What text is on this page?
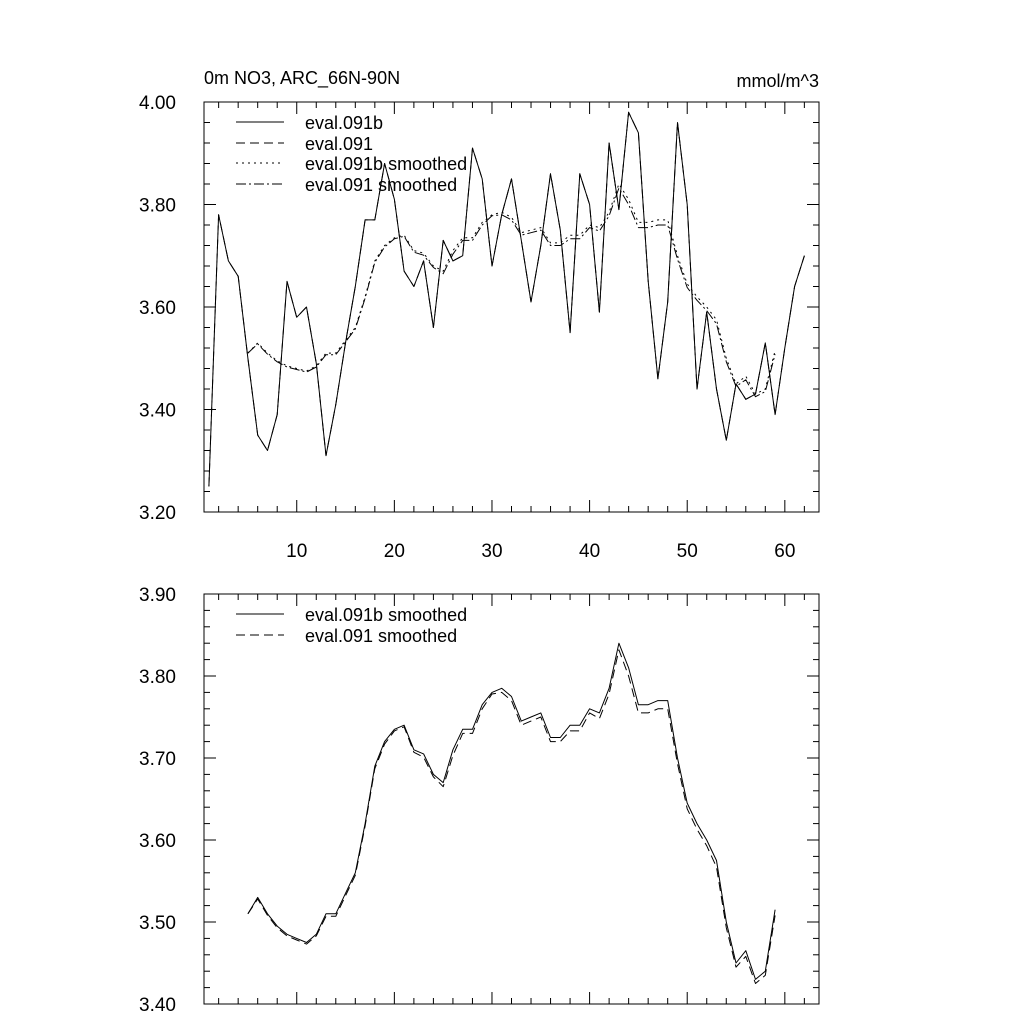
0m NO3, ARC_66N-90N	mmol/m^3
3.20
3.40
3.60
3.80
4.00
10	20	30	40	50	60
eval.091b
eval.091
eval.091b smoothed
eval.091 smoothed
3.40
3.50
3.60
3.70
3.80
3.90
eval.091b smoothed
eval.091 smoothed
